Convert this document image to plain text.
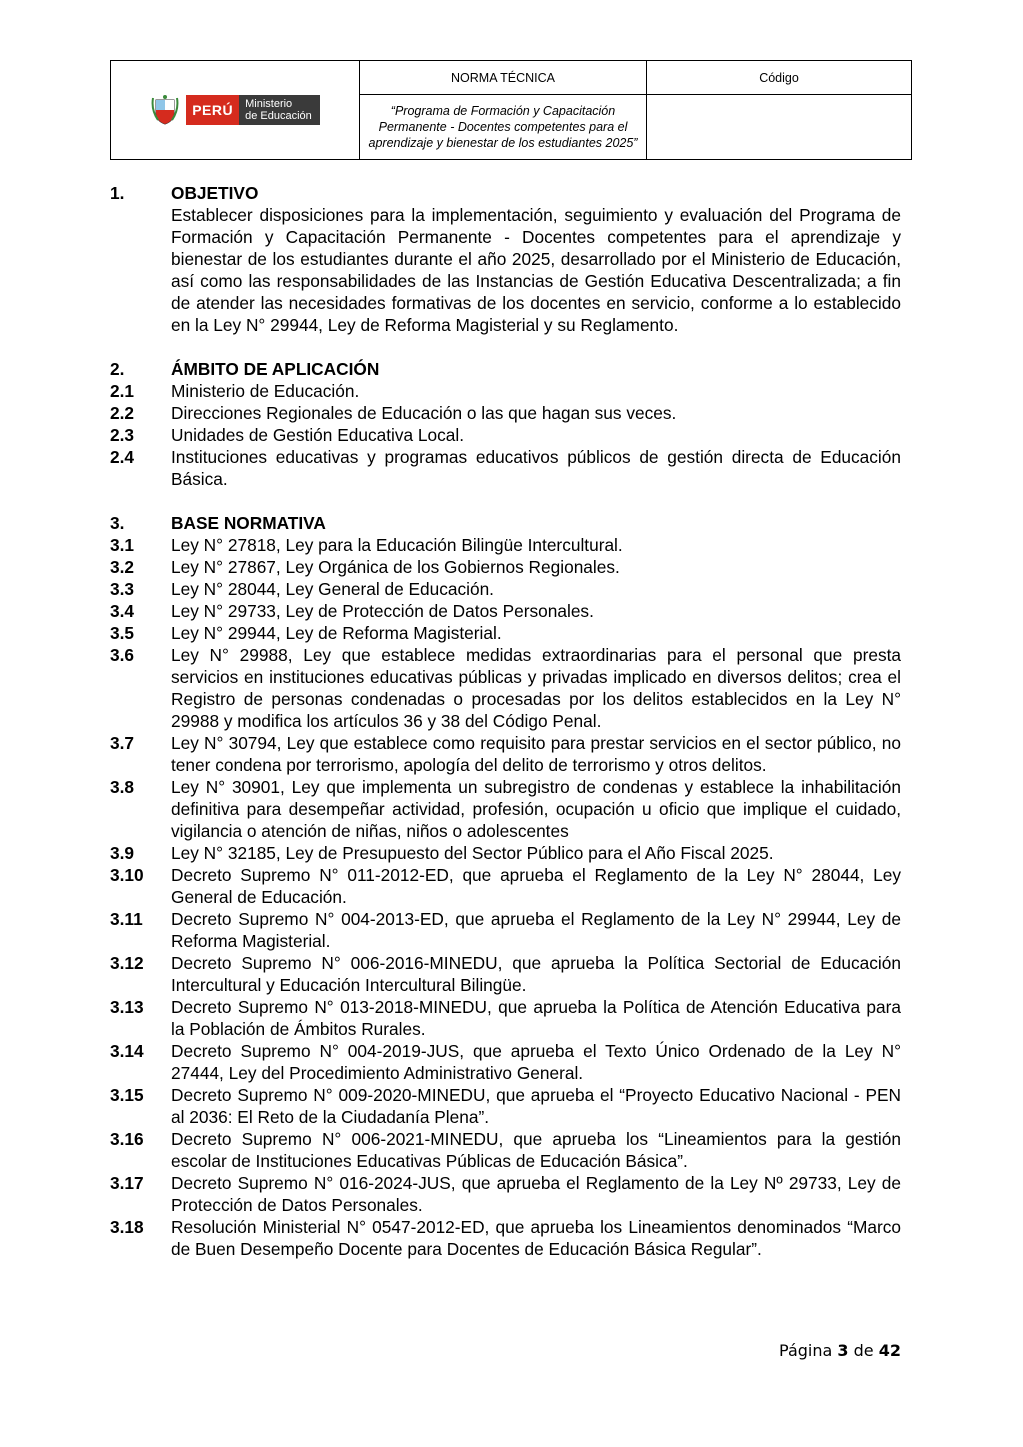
PERÚ Ministerio
de Educación	NORMA TÉCNICA	Código
	“Programa de Formación y Capacitación Permanente - Docentes competentes para el aprendizaje y bienestar de los estudiantes 2025”	
1.	OBJETIVO
Establecer disposiciones para la implementación, seguimiento y evaluación del Programa de Formación y Capacitación Permanente - Docentes competentes para el aprendizaje y bienestar de los estudiantes durante el año 2025, desarrollado por el Ministerio de Educación, así como las responsabilidades de las Instancias de Gestión Educativa Descentralizada; a fin de atender las necesidades formativas de los docentes en servicio, conforme a lo establecido en la Ley N° 29944, Ley de Reforma Magisterial y su Reglamento.
2.	ÁMBITO DE APLICACIÓN
2.1	Ministerio de Educación.
2.2	Direcciones Regionales de Educación o las que hagan sus veces.
2.3	Unidades de Gestión Educativa Local.
2.4	Instituciones educativas y programas educativos públicos de gestión directa de Educación Básica.
3.	BASE NORMATIVA
3.1	Ley N° 27818, Ley para la Educación Bilingüe Intercultural.
3.2	Ley N° 27867, Ley Orgánica de los Gobiernos Regionales.
3.3	Ley N° 28044, Ley General de Educación.
3.4	Ley N° 29733, Ley de Protección de Datos Personales.
3.5	Ley N° 29944, Ley de Reforma Magisterial.
3.6	Ley N° 29988, Ley que establece medidas extraordinarias para el personal que presta servicios en instituciones educativas públicas y privadas implicado en diversos delitos; crea el Registro de personas condenadas o procesadas por los delitos establecidos en la Ley N° 29988 y modifica los artículos 36 y 38 del Código Penal.
3.7	Ley N° 30794, Ley que establece como requisito para prestar servicios en el sector público, no tener condena por terrorismo, apología del delito de terrorismo y otros delitos.
3.8	Ley N° 30901, Ley que implementa un subregistro de condenas y establece la inhabilitación definitiva para desempeñar actividad, profesión, ocupación u oficio que implique el cuidado, vigilancia o atención de niñas, niños o adolescentes
3.9	Ley N° 32185, Ley de Presupuesto del Sector Público para el Año Fiscal 2025.
3.10	Decreto Supremo N° 011-2012-ED, que aprueba el Reglamento de la Ley N° 28044, Ley General de Educación.
3.11	Decreto Supremo N° 004-2013-ED, que aprueba el Reglamento de la Ley N° 29944, Ley de Reforma Magisterial.
3.12	Decreto Supremo N° 006-2016-MINEDU, que aprueba la Política Sectorial de Educación Intercultural y Educación Intercultural Bilingüe.
3.13	Decreto Supremo N° 013-2018-MINEDU, que aprueba la Política de Atención Educativa para la Población de Ámbitos Rurales.
3.14	Decreto Supremo N° 004-2019-JUS, que aprueba el Texto Único Ordenado de la Ley N° 27444, Ley del Procedimiento Administrativo General.
3.15	Decreto Supremo N° 009-2020-MINEDU, que aprueba el “Proyecto Educativo Nacional - PEN al 2036: El Reto de la Ciudadanía Plena”.
3.16	Decreto Supremo N° 006-2021-MINEDU, que aprueba los “Lineamientos para la gestión escolar de Instituciones Educativas Públicas de Educación Básica”.
3.17	Decreto Supremo N° 016-2024-JUS, que aprueba el Reglamento de la Ley Nº 29733, Ley de Protección de Datos Personales.
3.18	Resolución Ministerial N° 0547-2012-ED, que aprueba los Lineamientos denominados “Marco de Buen Desempeño Docente para Docentes de Educación Básica Regular”.
Página 3 de 42
